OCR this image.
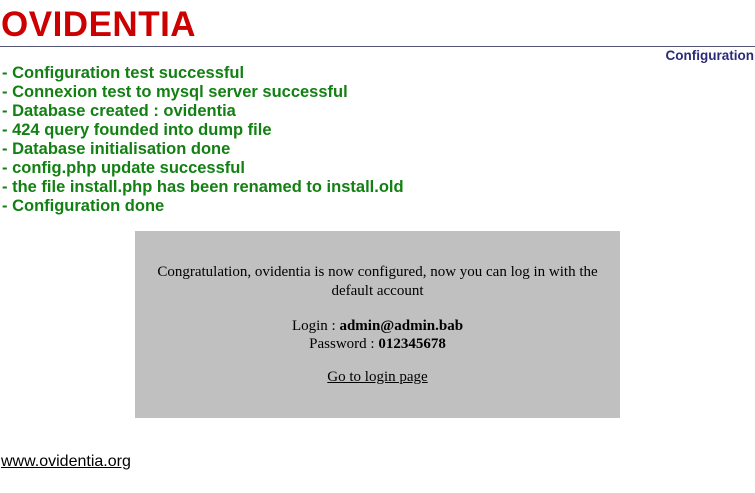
OVIDENTIA
Configuration
- Configuration test successful
- Connexion test to mysql server successful
- Database created : ovidentia
- 424 query founded into dump file
- Database initialisation done
- config.php update successful
- the file install.php has been renamed to install.old
- Configuration done
Congratulation, ovidentia is now configured, now you can log in with the default account
Login : admin@admin.bab
Password : 012345678
Go to login page
www.ovidentia.org
